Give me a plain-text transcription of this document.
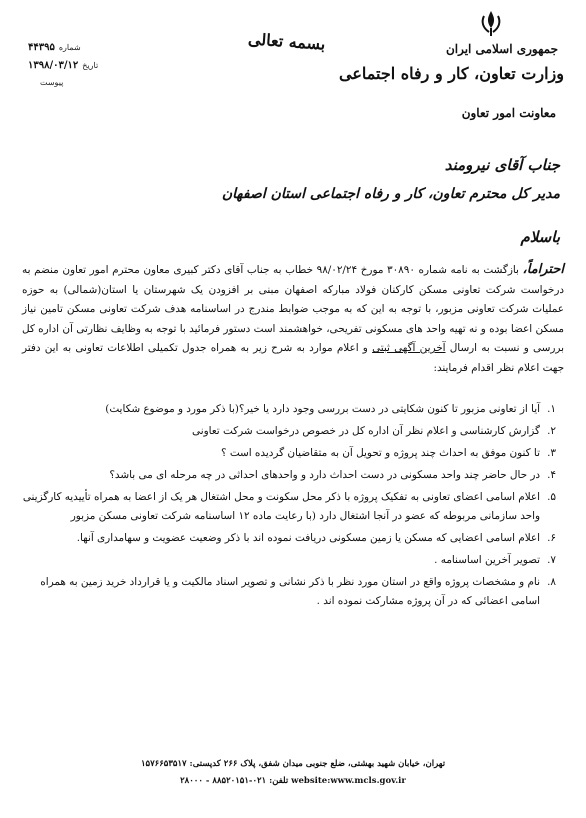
جمهوری اسلامی ایران
وزارت تعاون، کار و رفاه اجتماعی
معاونت امور تعاون
بسمه تعالی
شماره
۴۴۳۹۵
تاریخ
۱۳۹۸/۰۳/۱۲
پیوست
جناب آقای نیرومند
مدیر کل محترم تعاون، کار و رفاه اجتماعی استان اصفهان
باسلام

احتراماً، بازگشت به نامه شماره ۳۰۸۹۰ مورخ ۹۸/۰۲/۲۴ خطاب به جناب آقای دکتر کبیری معاون محترم امور تعاون منضم به درخواست شرکت تعاونی مسکن کارکنان فولاد مبارکه اصفهان مبنی بر افزودن یک شهرستان یا استان(شمالی) به حوزه عملیات شرکت تعاونی مزبور، با توجه به این که به موجب ضوابط مندرج در اساسنامه هدف شرکت تعاونی مسکن تامین نیاز مسکن اعضا بوده و نه تهیه واحد های مسکونی تفریحی، خواهشمند است دستور فرمائید با توجه به وظایف نظارتی آن اداره کل بررسی و نسبت به ارسال آخرین آگهی ثبتی و اعلام موارد به شرح زیر به همراه جدول تکمیلی اطلاعات تعاونی به این دفتر جهت اعلام نظر اقدام فرمایند:

۱.
آیا از تعاونی مزبور تا کنون شکایتی در دست بررسی وجود دارد یا خیر؟(با ذکر مورد و موضوع شکایت)
۲.
گزارش کارشناسی و اعلام نظر آن اداره کل در خصوص درخواست شرکت تعاونی
۳.
تا کنون موفق به احداث چند پروژه و تحویل آن به متقاضیان گردیده است ؟
۴.
در حال حاضر چند واحد مسکونی در دست احداث دارد و واحدهای احداثی در چه مرحله ای می باشد؟
۵.
اعلام اسامی اعضای تعاونی به تفکیک پروژه با ذکر محل سکونت و محل اشتغال هر یک از اعضا به همراه تأییدیه کارگزینی واحد سازمانی مربوطه که عضو در آنجا اشتغال دارد (با رعایت ماده ۱۲ اساسنامه شرکت تعاونی مسکن مزبور
۶.
اعلام اسامی اعضایی که مسکن یا زمین مسکونی دریافت نموده اند با ذکر وضعیت عضویت و سهامداری آنها.
۷.
تصویر آخرین اساسنامه .
۸.
نام و مشخصات پروژه واقع در استان مورد نظر با ذکر نشانی و تصویر اسناد مالکیت و یا قرارداد خرید زمین به همراه اسامی اعضائی که در آن پروژه مشارکت نموده اند .
تهران، خیابان شهید بهشتی، ضلع جنوبی میدان شفق، پلاک ۲۶۶ کدپستی: ۱۵۷۶۶۵۳۵۱۷
website:www.mcls.gov.ir تلفن: ۰۲۱-۸۸۵۲۰۱۵۱ - ۲۸۰۰۰
